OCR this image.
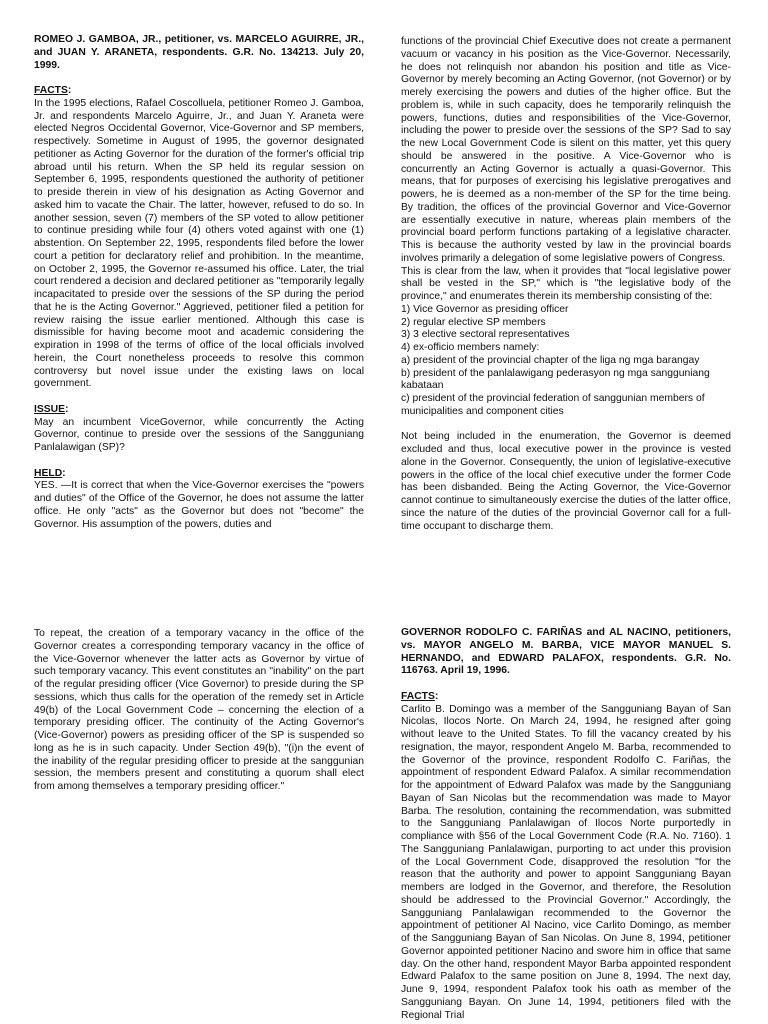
ROMEO J. GAMBOA, JR., petitioner, vs. MARCELO AGUIRRE, JR., and JUAN Y. ARANETA, respondents. G.R. No. 134213. July 20, 1999.

FACTS:

In the 1995 elections, Rafael Coscolluela, petitioner Romeo J. Gamboa, Jr. and respondents Marcelo Aguirre, Jr., and Juan Y. Araneta were elected Negros Occidental Governor, Vice-Governor and SP members, respectively. Sometime in August of 1995, the governor designated petitioner as Acting Governor for the duration of the former's official trip abroad until his return. When the SP held its regular session on September 6, 1995, respondents questioned the authority of petitioner to preside therein in view of his designation as Acting Governor and asked him to vacate the Chair. The latter, however, refused to do so. In another session, seven (7) members of the SP voted to allow petitioner to continue presiding while four (4) others voted against with one (1) abstention. On September 22, 1995, respondents filed before the lower court a petition for declaratory relief and prohibition. In the meantime, on October 2, 1995, the Governor re-assumed his office. Later, the trial court rendered a decision and declared petitioner as "temporarily legally incapacitated to preside over the sessions of the SP during the period that he is the Acting Governor." Aggrieved, petitioner filed a petition for review raising the issue earlier mentioned. Although this case is dismissible for having become moot and academic considering the expiration in 1998 of the terms of office of the local officials involved herein, the Court nonetheless proceeds to resolve this common controversy but novel issue under the existing laws on local government.

ISSUE:

May an incumbent ViceGovernor, while concurrently the Acting Governor, continue to preside over the sessions of the Sangguniang Panlalawigan (SP)?

HELD:

YES. —It is correct that when the Vice-Governor exercises the "powers and duties" of the Office of the Governor, he does not assume the latter office. He only "acts" as the Governor but does not "become" the Governor. His assumption of the powers, duties and

functions of the provincial Chief Executive does not create a permanent vacuum or vacancy in his position as the Vice-Governor. Necessarily, he does not relinquish nor abandon his position and title as Vice-Governor by merely becoming an Acting Governor, (not Governor) or by merely exercising the powers and duties of the higher office. But the problem is, while in such capacity, does he temporarily relinquish the powers, functions, duties and responsibilities of the Vice-Governor, including the power to preside over the sessions of the SP? Sad to say the new Local Government Code is silent on this matter, yet this query should be answered in the positive. A Vice-Governor who is concurrently an Acting Governor is actually a quasi-Governor. This means, that for purposes of exercising his legislative prerogatives and powers, he is deemed as a non-member of the SP for the time being. By tradition, the offices of the provincial Governor and Vice-Governor are essentially executive in nature, whereas plain members of the provincial board perform functions partaking of a legislative character. This is because the authority vested by law in the provincial boards involves primarily a delegation of some legislative powers of Congress.

This is clear from the law, when it provides that "local legislative power shall be vested in the SP," which is "the legislative body of the province," and enumerates therein its membership consisting of the:

1) Vice Governor as presiding officer

2) regular elective SP members

3) 3 elective sectoral representatives

4) ex-officio members namely:

a) president of the provincial chapter of the liga ng mga barangay

b) president of the panlalawigang pederasyon ng mga sangguniang kabataan

c) president of the provincial federation of sanggunian members of municipalities and component cities

Not being included in the enumeration, the Governor is deemed excluded and thus, local executive power in the province is vested alone in the Governor. Consequently, the union of legislative-executive powers in the office of the local chief executive under the former Code has been disbanded. Being the Acting Governor, the Vice-Governor cannot continue to simultaneously exercise the duties of the latter office, since the nature of the duties of the provincial Governor call for a full-time occupant to discharge them.

To repeat, the creation of a temporary vacancy in the office of the Governor creates a corresponding temporary vacancy in the office of the Vice-Governor whenever the latter acts as Governor by virtue of such temporary vacancy. This event constitutes an "inability" on the part of the regular presiding officer (Vice Governor) to preside during the SP sessions, which thus calls for the operation of the remedy set in Article 49(b) of the Local Government Code – concerning the election of a temporary presiding officer. The continuity of the Acting Governor's (Vice-Governor) powers as presiding officer of the SP is suspended so long as he is in such capacity. Under Section 49(b), "(i)n the event of the inability of the regular presiding officer to preside at the sanggunian session, the members present and constituting a quorum shall elect from among themselves a temporary presiding officer."

GOVERNOR RODOLFO C. FARIÑAS and AL NACINO, petitioners, vs. MAYOR ANGELO M. BARBA, VICE MAYOR MANUEL S. HERNANDO, and EDWARD PALAFOX, respondents. G.R. No. 116763. April 19, 1996.

FACTS:

Carlito B. Domingo was a member of the Sangguniang Bayan of San Nicolas, Ilocos Norte. On March 24, 1994, he resigned after going without leave to the United States. To fill the vacancy created by his resignation, the mayor, respondent Angelo M. Barba, recommended to the Governor of the province, respondent Rodolfo C. Fariñas, the appointment of respondent Edward Palafox. A similar recommendation for the appointment of Edward Palafox was made by the Sangguniang Bayan of San Nicolas but the recommendation was made to Mayor Barba. The resolution, containing the recommendation, was submitted to the Sangguniang Panlalawigan of Ilocos Norte purportedly in compliance with §56 of the Local Government Code (R.A. No. 7160). 1 The Sangguniang Panlalawigan, purporting to act under this provision of the Local Government Code, disapproved the resolution "for the reason that the authority and power to appoint Sangguniang Bayan members are lodged in the Governor, and therefore, the Resolution should be addressed to the Provincial Governor." Accordingly, the Sangguniang Panlalawigan recommended to the Governor the appointment of petitioner Al Nacino, vice Carlito Domingo, as member of the Sangguniang Bayan of San Nicolas. On June 8, 1994, petitioner Governor appointed petitioner Nacino and swore him in office that same day. On the other hand, respondent Mayor Barba appointed respondent Edward Palafox to the same position on June 8, 1994. The next day, June 9, 1994, respondent Palafox took his oath as member of the Sangguniang Bayan. On June 14, 1994, petitioners filed with the Regional Trial
